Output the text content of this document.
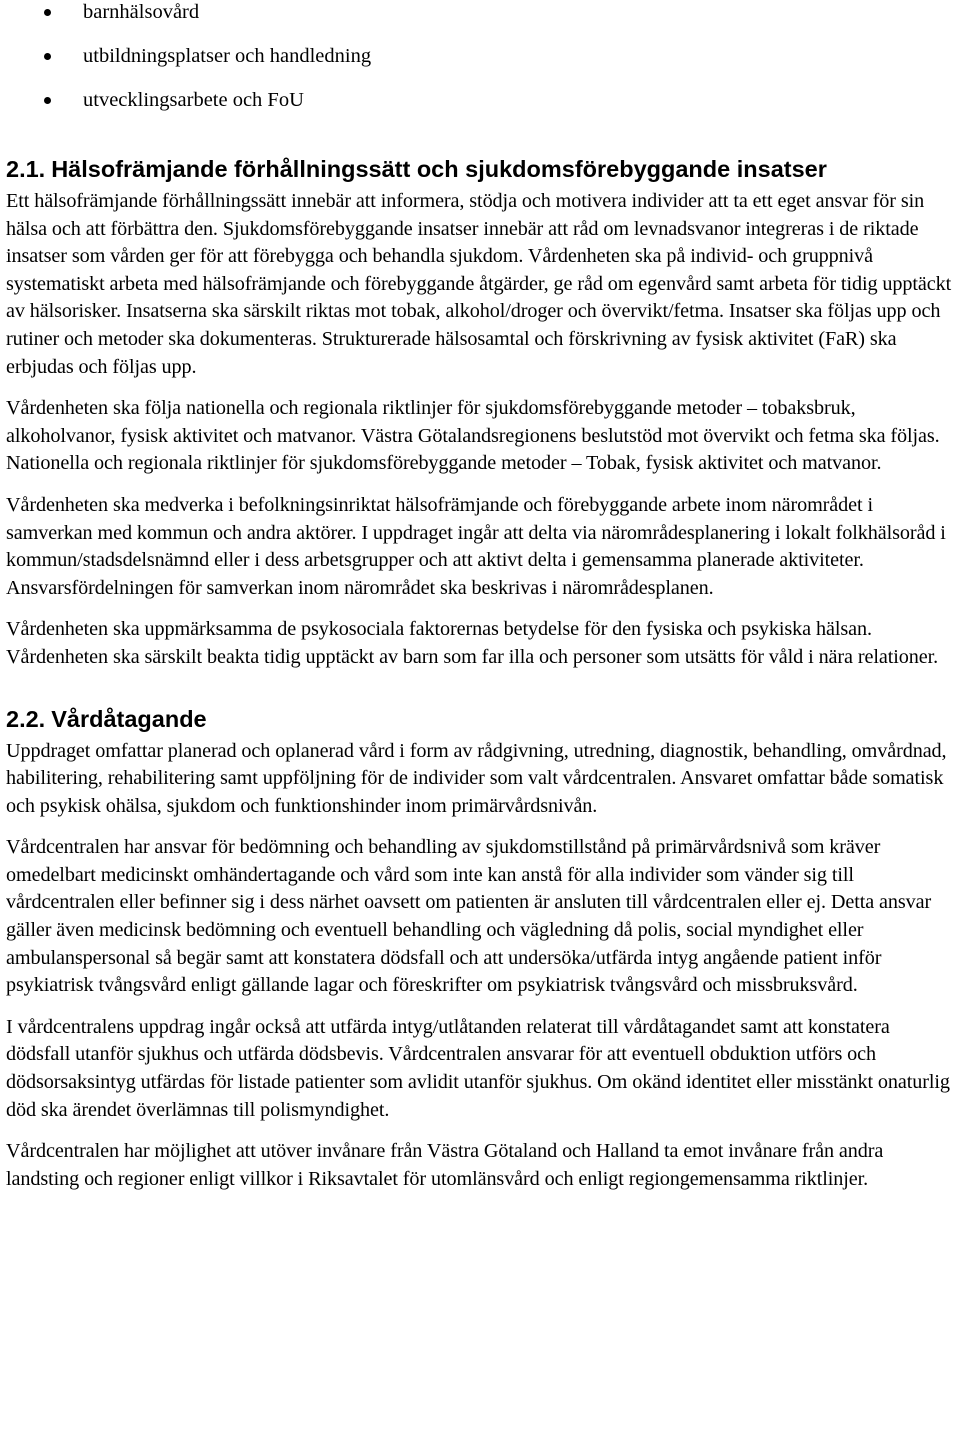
barnhälsovård
utbildningsplatser och handledning
utvecklingsarbete och FoU
2.1. Hälsofrämjande förhållningssätt och sjukdomsförebyggande insatser

Ett hälsofrämjande förhållningssätt innebär att informera, stödja och motivera individer att ta ett eget ansvar för sin hälsa och att förbättra den. Sjukdomsförebyggande insatser innebär att råd om levnadsvanor integreras i de riktade insatser som vården ger för att förebygga och behandla sjukdom. Vårdenheten ska på individ- och gruppnivå systematiskt arbeta med hälsofrämjande och förebyggande åtgärder, ge råd om egenvård samt arbeta för tidig upptäckt av hälsorisker. Insatserna ska särskilt riktas mot tobak, alkohol/droger och övervikt/fetma. Insatser ska följas upp och rutiner och metoder ska dokumenteras. Strukturerade hälsosamtal och förskrivning av fysisk aktivitet (FaR) ska erbjudas och följas upp.

Vårdenheten ska följa nationella och regionala riktlinjer för sjukdomsförebyggande metoder – tobaksbruk, alkoholvanor, fysisk aktivitet och matvanor. Västra Götalandsregionens beslutstöd mot övervikt och fetma ska följas. Nationella och regionala riktlinjer för sjukdomsförebyggande metoder – Tobak, fysisk aktivitet och matvanor.

Vårdenheten ska medverka i befolkningsinriktat hälsofrämjande och förebyggande arbete inom närområdet i samverkan med kommun och andra aktörer. I uppdraget ingår att delta via närområdesplanering i lokalt folkhälsoråd i kommun/stadsdelsnämnd eller i dess arbetsgrupper och att aktivt delta i gemensamma planerade aktiviteter. Ansvarsfördelningen för samverkan inom närområdet ska beskrivas i närområdesplanen.

Vårdenheten ska uppmärksamma de psykosociala faktorernas betydelse för den fysiska och psykiska hälsan. Vårdenheten ska särskilt beakta tidig upptäckt av barn som far illa och personer som utsätts för våld i nära relationer.

2.2. Vårdåtagande

Uppdraget omfattar planerad och oplanerad vård i form av rådgivning, utredning, diagnostik, behandling, omvårdnad, habilitering, rehabilitering samt uppföljning för de individer som valt vårdcentralen. Ansvaret omfattar både somatisk och psykisk ohälsa, sjukdom och funktionshinder inom primärvårdsnivån.

Vårdcentralen har ansvar för bedömning och behandling av sjukdomstillstånd på primärvårdsnivå som kräver omedelbart medicinskt omhändertagande och vård som inte kan anstå för alla individer som vänder sig till vårdcentralen eller befinner sig i dess närhet oavsett om patienten är ansluten till vårdcentralen eller ej. Detta ansvar gäller även medicinsk bedömning och eventuell behandling och vägledning då polis, social myndighet eller ambulanspersonal så begär samt att konstatera dödsfall och att undersöka/utfärda intyg angående patient inför psykiatrisk tvångsvård enligt gällande lagar och föreskrifter om psykiatrisk tvångsvård och missbruksvård.

I vårdcentralens uppdrag ingår också att utfärda intyg/utlåtanden relaterat till vårdåtagandet samt att konstatera dödsfall utanför sjukhus och utfärda dödsbevis. Vårdcentralen ansvarar för att eventuell obduktion utförs och dödsorsaksintyg utfärdas för listade patienter som avlidit utanför sjukhus. Om okänd identitet eller misstänkt onaturlig död ska ärendet överlämnas till polismyndighet.

Vårdcentralen har möjlighet att utöver invånare från Västra Götaland och Halland ta emot invånare från andra landsting och regioner enligt villkor i Riksavtalet för utomlänsvård och enligt regiongemensamma riktlinjer.
